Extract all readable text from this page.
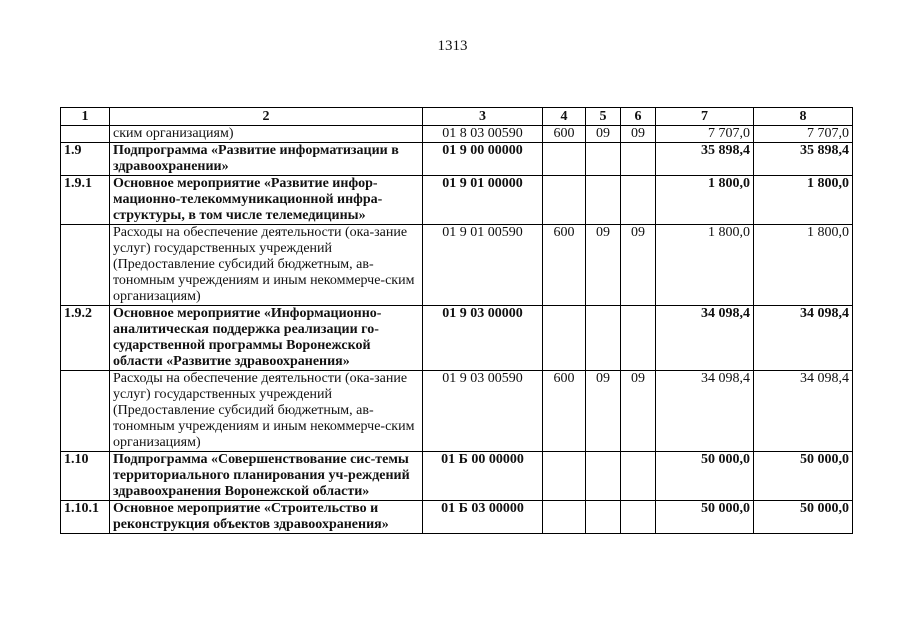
1313
1	2	3	4	5	6	7	8
	ским организациям)	01 8 03 00590	600	09	09	7 707,0	7 707,0
1.9	Подпрограмма «Развитие информатизации в здравоохранении»	01 9 00 00000				35 898,4	35 898,4
1.9.1	Основное мероприятие «Развитие инфор-мационно-телекоммуникационной инфра-структуры, в том числе телемедицины»	01 9 01 00000				1 800,0	1 800,0
	Расходы на обеспечение деятельности (ока-зание услуг) государственных учреждений (Предоставление субсидий бюджетным, ав-тономным учреждениям и иным некоммерче-ским организациям)	01 9 01 00590	600	09	09	1 800,0	1 800,0
1.9.2	Основное мероприятие «Информационно-аналитическая поддержка реализации го-сударственной программы Воронежской области «Развитие здравоохранения»	01 9 03 00000				34 098,4	34 098,4
	Расходы на обеспечение деятельности (ока-зание услуг) государственных учреждений (Предоставление субсидий бюджетным, ав-тономным учреждениям и иным некоммерче-ским организациям)	01 9 03 00590	600	09	09	34 098,4	34 098,4
1.10	Подпрограмма «Совершенствование сис-темы территориального планирования уч-реждений здравоохранения Воронежской области»	01 Б 00 00000				50 000,0	50 000,0
1.10.1	Основное мероприятие «Строительство и реконструкция объектов здравоохранения»	01 Б 03 00000				50 000,0	50 000,0
